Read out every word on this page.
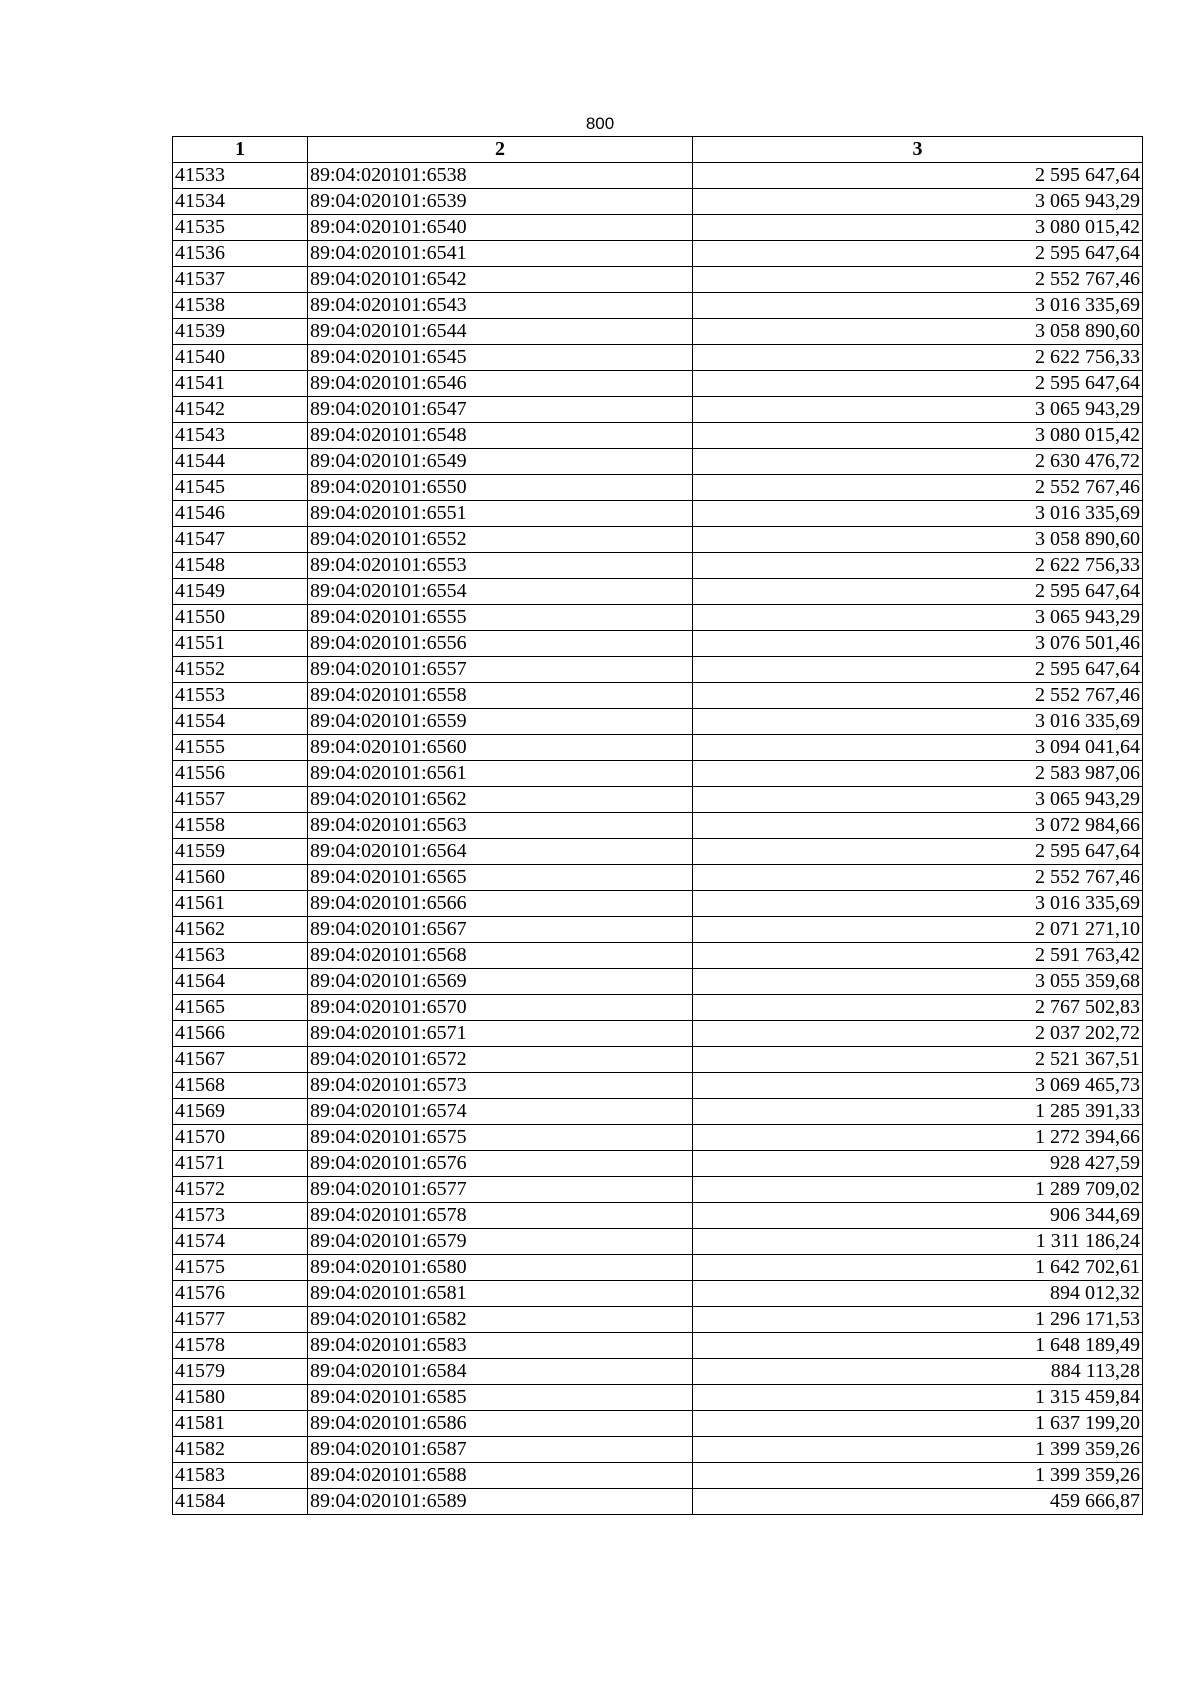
800
1	2	3
41533	89:04:020101:6538	2 595 647,64
41534	89:04:020101:6539	3 065 943,29
41535	89:04:020101:6540	3 080 015,42
41536	89:04:020101:6541	2 595 647,64
41537	89:04:020101:6542	2 552 767,46
41538	89:04:020101:6543	3 016 335,69
41539	89:04:020101:6544	3 058 890,60
41540	89:04:020101:6545	2 622 756,33
41541	89:04:020101:6546	2 595 647,64
41542	89:04:020101:6547	3 065 943,29
41543	89:04:020101:6548	3 080 015,42
41544	89:04:020101:6549	2 630 476,72
41545	89:04:020101:6550	2 552 767,46
41546	89:04:020101:6551	3 016 335,69
41547	89:04:020101:6552	3 058 890,60
41548	89:04:020101:6553	2 622 756,33
41549	89:04:020101:6554	2 595 647,64
41550	89:04:020101:6555	3 065 943,29
41551	89:04:020101:6556	3 076 501,46
41552	89:04:020101:6557	2 595 647,64
41553	89:04:020101:6558	2 552 767,46
41554	89:04:020101:6559	3 016 335,69
41555	89:04:020101:6560	3 094 041,64
41556	89:04:020101:6561	2 583 987,06
41557	89:04:020101:6562	3 065 943,29
41558	89:04:020101:6563	3 072 984,66
41559	89:04:020101:6564	2 595 647,64
41560	89:04:020101:6565	2 552 767,46
41561	89:04:020101:6566	3 016 335,69
41562	89:04:020101:6567	2 071 271,10
41563	89:04:020101:6568	2 591 763,42
41564	89:04:020101:6569	3 055 359,68
41565	89:04:020101:6570	2 767 502,83
41566	89:04:020101:6571	2 037 202,72
41567	89:04:020101:6572	2 521 367,51
41568	89:04:020101:6573	3 069 465,73
41569	89:04:020101:6574	1 285 391,33
41570	89:04:020101:6575	1 272 394,66
41571	89:04:020101:6576	928 427,59
41572	89:04:020101:6577	1 289 709,02
41573	89:04:020101:6578	906 344,69
41574	89:04:020101:6579	1 311 186,24
41575	89:04:020101:6580	1 642 702,61
41576	89:04:020101:6581	894 012,32
41577	89:04:020101:6582	1 296 171,53
41578	89:04:020101:6583	1 648 189,49
41579	89:04:020101:6584	884 113,28
41580	89:04:020101:6585	1 315 459,84
41581	89:04:020101:6586	1 637 199,20
41582	89:04:020101:6587	1 399 359,26
41583	89:04:020101:6588	1 399 359,26
41584	89:04:020101:6589	459 666,87
